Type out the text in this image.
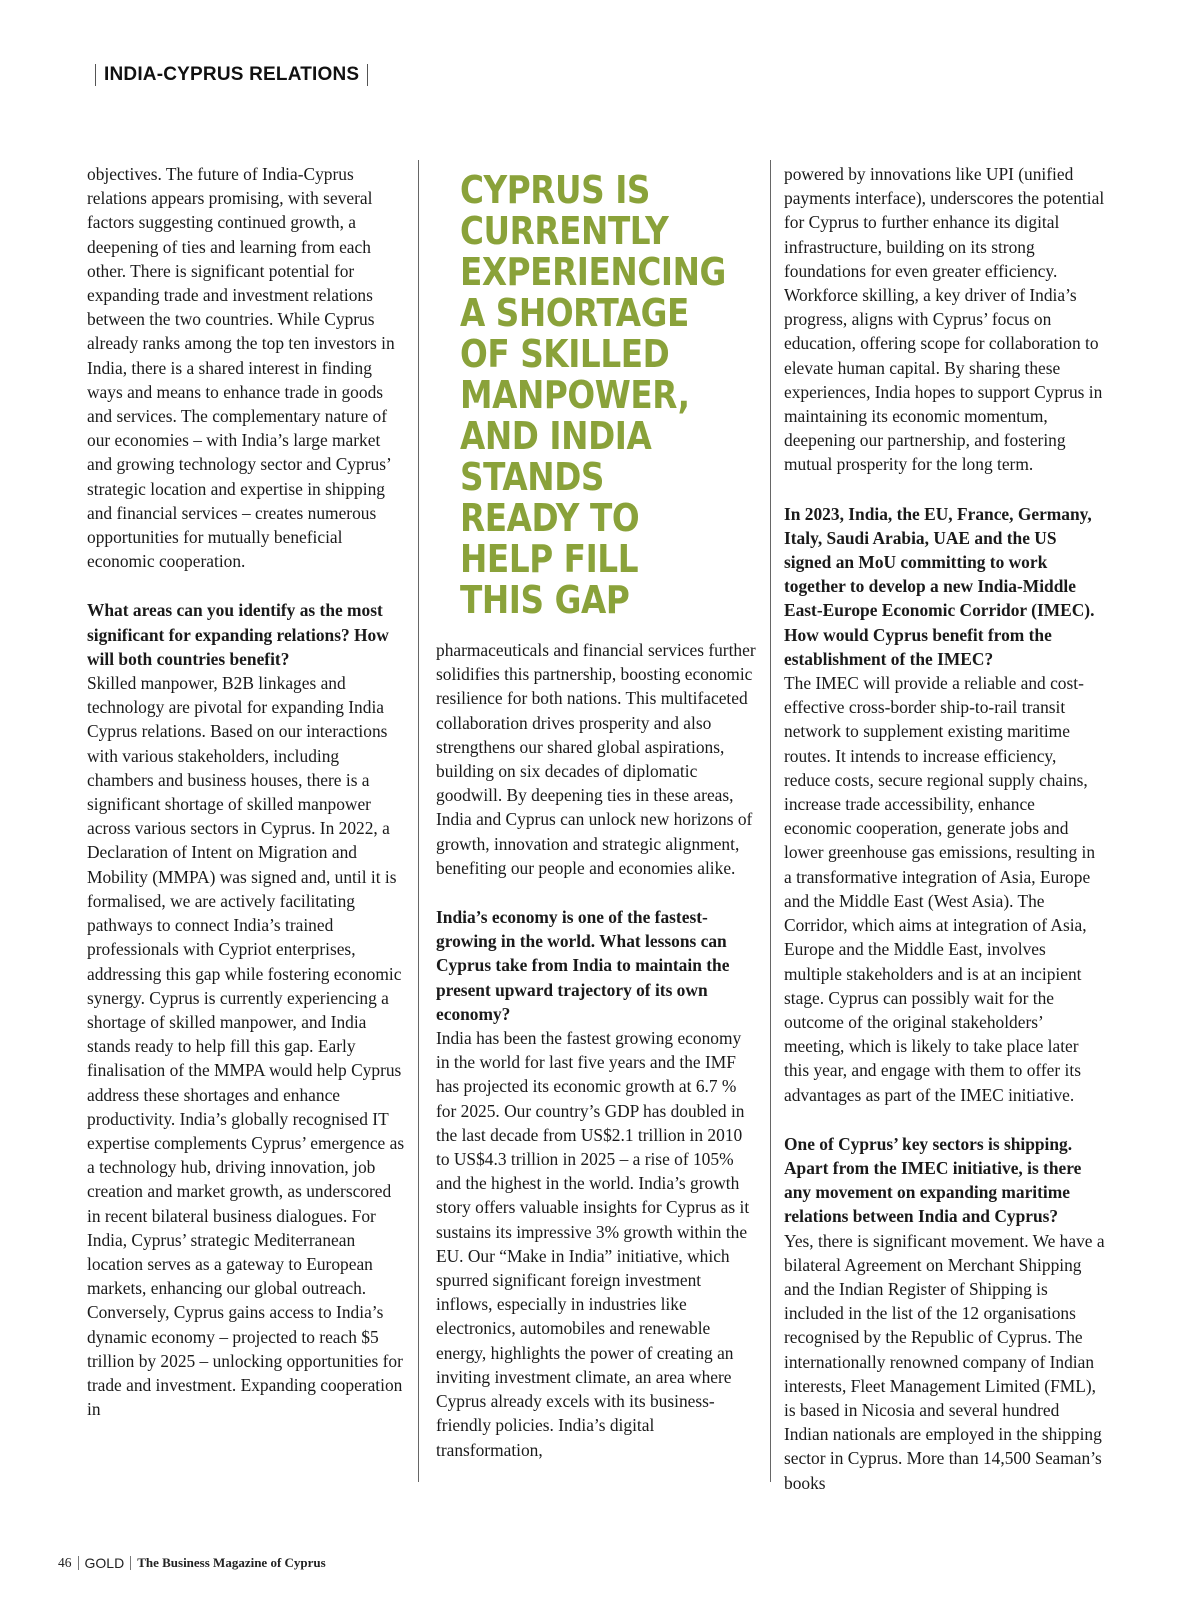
INDIA-CYPRUS RELATIONS

objectives. The future of India-Cyprus relations appears promising, with several factors suggesting continued growth, a deepening of ties and learning from each other. There is significant potential for expanding trade and investment relations between the two countries. While Cyprus already ranks among the top ten investors in India, there is a shared interest in finding ways and means to enhance trade in goods and services. The complementary nature of our economies – with India’s large market and growing technology sector and Cyprus’ strategic location and expertise in shipping and financial services – creates numerous opportunities for mutually beneficial economic cooperation.

What areas can you identify as the most significant for expanding relations? How will both countries benefit?

Skilled manpower, B2B linkages and technology are pivotal for expanding India Cyprus relations. Based on our interactions with various stakeholders, including chambers and business houses, there is a significant shortage of skilled manpower across various sectors in Cyprus. In 2022, a Declaration of Intent on Migration and Mobility (MMPA) was signed and, until it is formalised, we are actively facilitating pathways to connect India’s trained professionals with Cypriot enterprises, addressing this gap while fostering economic synergy. Cyprus is currently experiencing a shortage of skilled manpower, and India stands ready to help fill this gap. Early finalisation of the MMPA would help Cyprus address these shortages and enhance productivity. India’s globally recognised IT expertise complements Cyprus’ emergence as a technology hub, driving innovation, job creation and market growth, as underscored in recent bilateral business dialogues. For India, Cyprus’ strategic Mediterranean location serves as a gateway to European markets, enhancing our global outreach. Conversely, Cyprus gains access to India’s dynamic economy – projected to reach $5 trillion by 2025 – unlocking opportunities for trade and investment. Expanding cooperation in

CYPRUS IS CURRENTLY EXPERIENCING A SHORTAGE OF SKILLED MANPOWER, AND INDIA STANDS READY TO HELP FILL THIS GAP

pharmaceuticals and financial services further solidifies this partnership, boosting economic resilience for both nations. This multifaceted collaboration drives prosperity and also strengthens our shared global aspirations, building on six decades of diplomatic goodwill. By deepening ties in these areas, India and Cyprus can unlock new horizons of growth, innovation and strategic alignment, benefiting our people and economies alike.

India’s economy is one of the fastest-growing in the world. What lessons can Cyprus take from India to maintain the present upward trajectory of its own economy?

India has been the fastest growing economy in the world for last five years and the IMF has projected its economic growth at 6.7 % for 2025. Our country’s GDP has doubled in the last decade from US$2.1 trillion in 2010 to US$4.3 trillion in 2025 – a rise of 105% and the highest in the world. India’s growth story offers valuable insights for Cyprus as it sustains its impressive 3% growth within the EU. Our “Make in India” initiative, which spurred significant foreign investment inflows, especially in industries like electronics, automobiles and renewable energy, highlights the power of creating an inviting investment climate, an area where Cyprus already excels with its business-friendly policies. India’s digital transformation,

powered by innovations like UPI (unified payments interface), underscores the potential for Cyprus to further enhance its digital infrastructure, building on its strong foundations for even greater efficiency. Workforce skilling, a key driver of India’s progress, aligns with Cyprus’ focus on education, offering scope for collaboration to elevate human capital. By sharing these experiences, India hopes to support Cyprus in maintaining its economic momentum, deepening our partnership, and fostering mutual prosperity for the long term.

In 2023, India, the EU, France, Germany, Italy, Saudi Arabia, UAE and the US signed an MoU committing to work together to develop a new India-Middle East-Europe Economic Corridor (IMEC). How would Cyprus benefit from the establishment of the IMEC?

The IMEC will provide a reliable and cost-effective cross-border ship-to-rail transit network to supplement existing maritime routes. It intends to increase efficiency, reduce costs, secure regional supply chains, increase trade accessibility, enhance economic cooperation, generate jobs and lower greenhouse gas emissions, resulting in a transformative integration of Asia, Europe and the Middle East (West Asia). The Corridor, which aims at integration of Asia, Europe and the Middle East, involves multiple stakeholders and is at an incipient stage. Cyprus can possibly wait for the outcome of the original stakeholders’ meeting, which is likely to take place later this year, and engage with them to offer its advantages as part of the IMEC initiative.

One of Cyprus’ key sectors is shipping. Apart from the IMEC initiative, is there any movement on expanding maritime relations between India and Cyprus?

Yes, there is significant movement. We have a bilateral Agreement on Merchant Shipping and the Indian Register of Shipping is included in the list of the 12 organisations recognised by the Republic of Cyprus. The internationally renowned company of Indian interests, Fleet Management Limited (FML), is based in Nicosia and several hundred Indian nationals are employed in the shipping sector in Cyprus. More than 14,500 Seaman’s books

46 GOLD The Business Magazine of Cyprus
